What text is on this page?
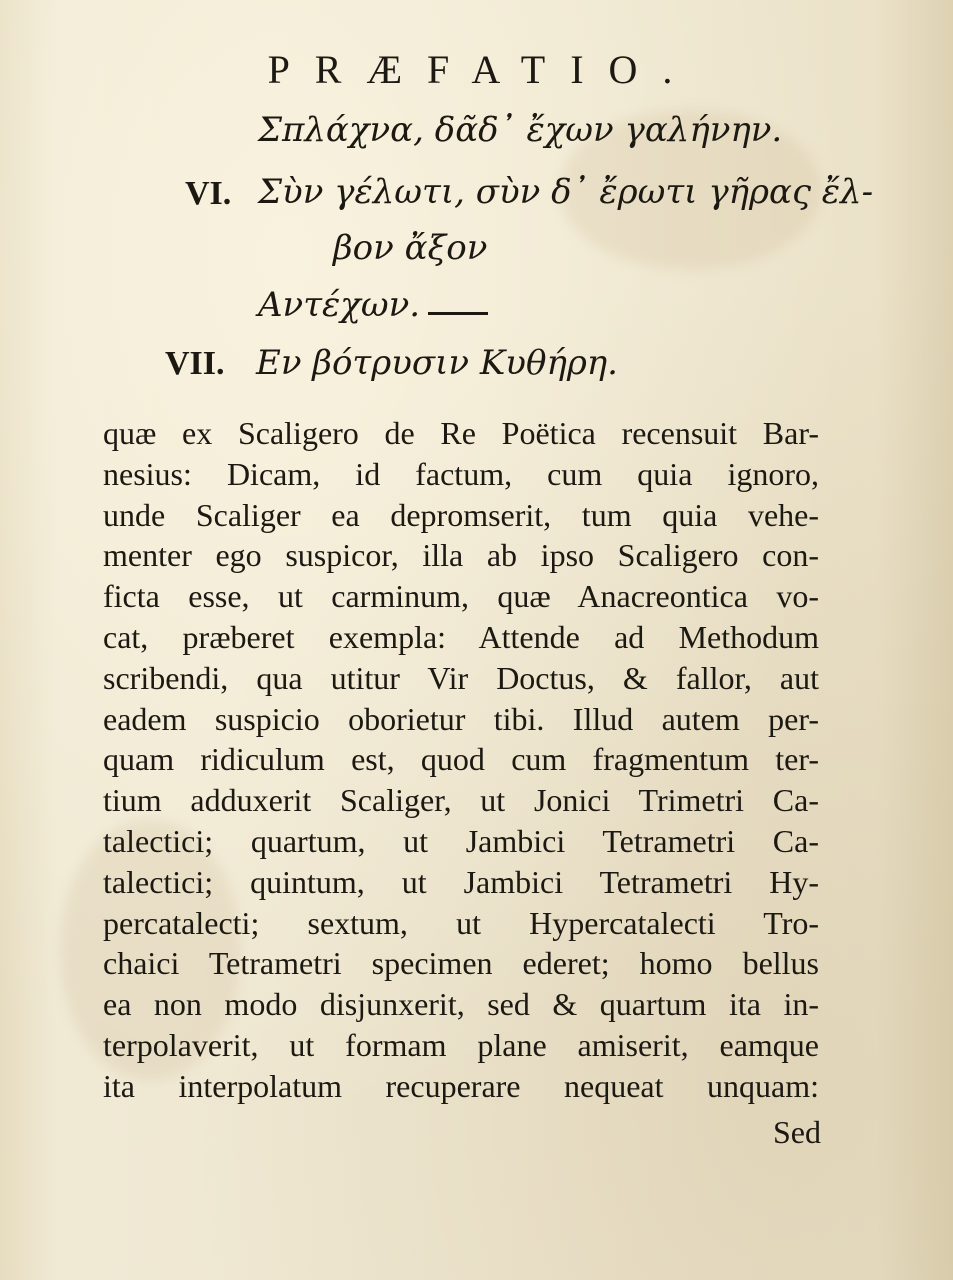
PRÆFATIO.
Σπλάχνα, δᾶδ᾽ ἔχων γαλήνην.
VI. Σὺν γέλωτι, σὺν δ᾽ ἔρωτι γῆρας ἔλ-
βον ἄξον
Αντέχων.
VII. Εν βότρυσιν Κυθήρη.
quæ ex Scaligero de Re Poëtica recensuit Bar-
nesius: Dicam, id factum, cum quia ignoro,
unde Scaliger ea depromserit, tum quia vehe-
menter ego suspicor, illa ab ipso Scaligero con-
ficta esse, ut carminum, quæ Anacreontica vo-
cat, præberet exempla: Attende ad Methodum
scribendi, qua utitur Vir Doctus, & fallor, aut
eadem suspicio oborietur tibi. Illud autem per-
quam ridiculum est, quod cum fragmentum ter-
tium adduxerit Scaliger, ut Jonici Trimetri Ca-
talectici; quartum, ut Jambici Tetrametri Ca-
talectici; quintum, ut Jambici Tetrametri Hy-
percatalecti; sextum, ut Hypercatalecti Tro-
chaici Tetrametri specimen ederet; homo bellus
ea non modo disjunxerit, sed & quartum ita in-
terpolaverit, ut formam plane amiserit, eamque
ita interpolatum recuperare nequeat unquam:
Sed
